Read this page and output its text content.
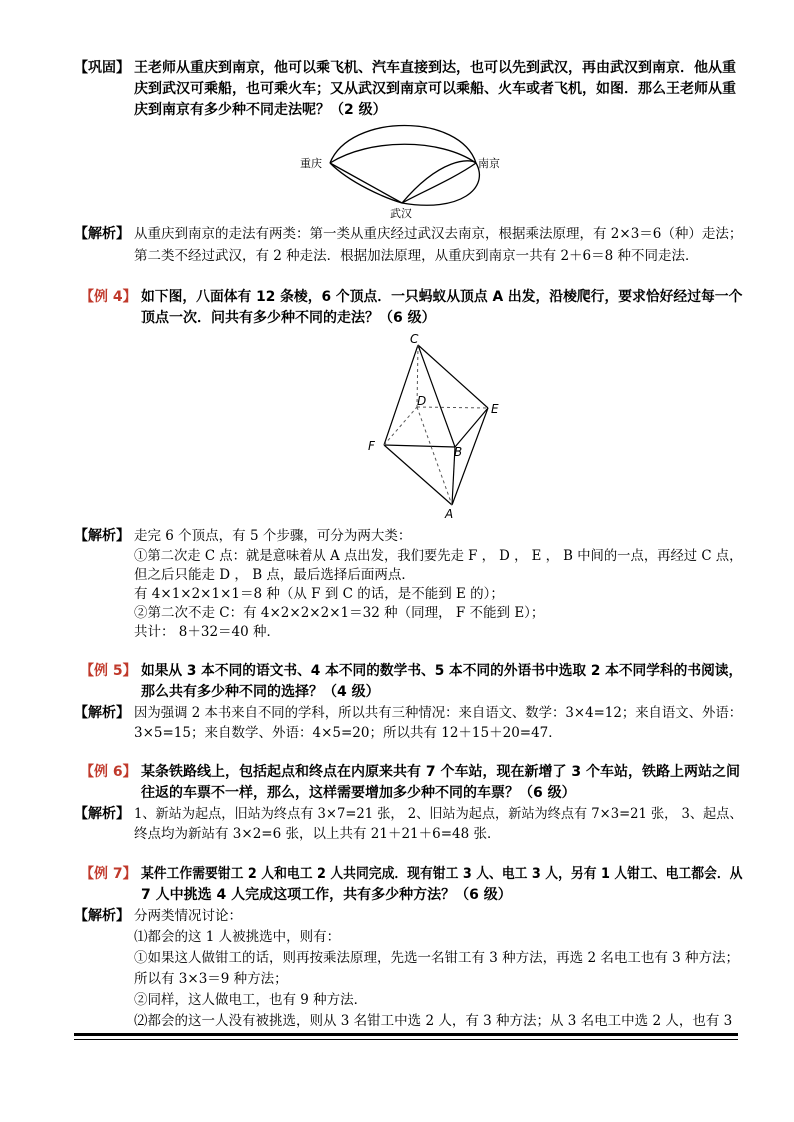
【巩固】 王老师从重庆到南京，他可以乘飞机、汽车直接到达，也可以先到武汉，再由武汉到南京．他从重
庆到武汉可乘船，也可乘火车；又从武汉到南京可以乘船、火车或者飞机，如图．那么王老师从重
庆到南京有多少种不同走法呢？（2 级）
重庆	南京
武汉
【解析】 从重庆到南京的走法有两类：第一类从重庆经过武汉去南京，根据乘法原理，有 2×3＝6（种）走法；
第二类不经过武汉，有 2 种走法．根据加法原理，从重庆到南京一共有 2＋6＝8 种不同走法．
【例 4】 如下图，八面体有 12 条棱，6 个顶点．一只蚂蚁从顶点 A 出发，沿棱爬行，要求恰好经过每一个
顶点一次．问共有多少种不同的走法？（6 级）
C
D
E
F	B
A
【解析】 走完 6 个顶点，有 5 个步骤，可分为两大类：
①第二次走 C 点：就是意味着从 A 点出发，我们要先走 F ， D ， E ， B 中间的一点，再经过 C 点，
但之后只能走 D ， B 点，最后选择后面两点．
有 4×1×2×1×1＝8 种（从 F 到 C 的话，是不能到 E 的）；
②第二次不走 C：有 4×2×2×2×1＝32 种（同理， F 不能到 E）；
共计： 8＋32＝40 种．
【例 5】 如果从 3 本不同的语文书、4 本不同的数学书、5 本不同的外语书中选取 2 本不同学科的书阅读，
那么共有多少种不同的选择？（4 级）
【解析】 因为强调 2 本书来自不同的学科，所以共有三种情况：来自语文、数学：3×4=12；来自语文、外语：
3×5=15；来自数学、外语：4×5=20；所以共有 12＋15＋20=47．
【例 6】 某条铁路线上，包括起点和终点在内原来共有 7 个车站，现在新增了 3 个车站，铁路上两站之间
往返的车票不一样，那么，这样需要增加多少种不同的车票？（6 级）
【解析】 1、新站为起点，旧站为终点有 3×7=21 张， 2、旧站为起点，新站为终点有 7×3=21 张， 3、起点、
终点均为新站有 3×2=6 张，以上共有 21＋21＋6=48 张．
【例 7】 某件工作需要钳工 2 人和电工 2 人共同完成．现有钳工 3 人、电工 3 人，另有 1 人钳工、电工都会．从
7 人中挑选 4 人完成这项工作，共有多少种方法？（6 级）
【解析】 分两类情况讨论：
⑴都会的这 1 人被挑选中，则有：
①如果这人做钳工的话，则再按乘法原理，先选一名钳工有 3 种方法，再选 2 名电工也有 3 种方法；
所以有 3×3＝9 种方法；
②同样，这人做电工，也有 9 种方法．
⑵都会的这一人没有被挑选，则从 3 名钳工中选 2 人，有 3 种方法；从 3 名电工中选 2 人，也有 3
